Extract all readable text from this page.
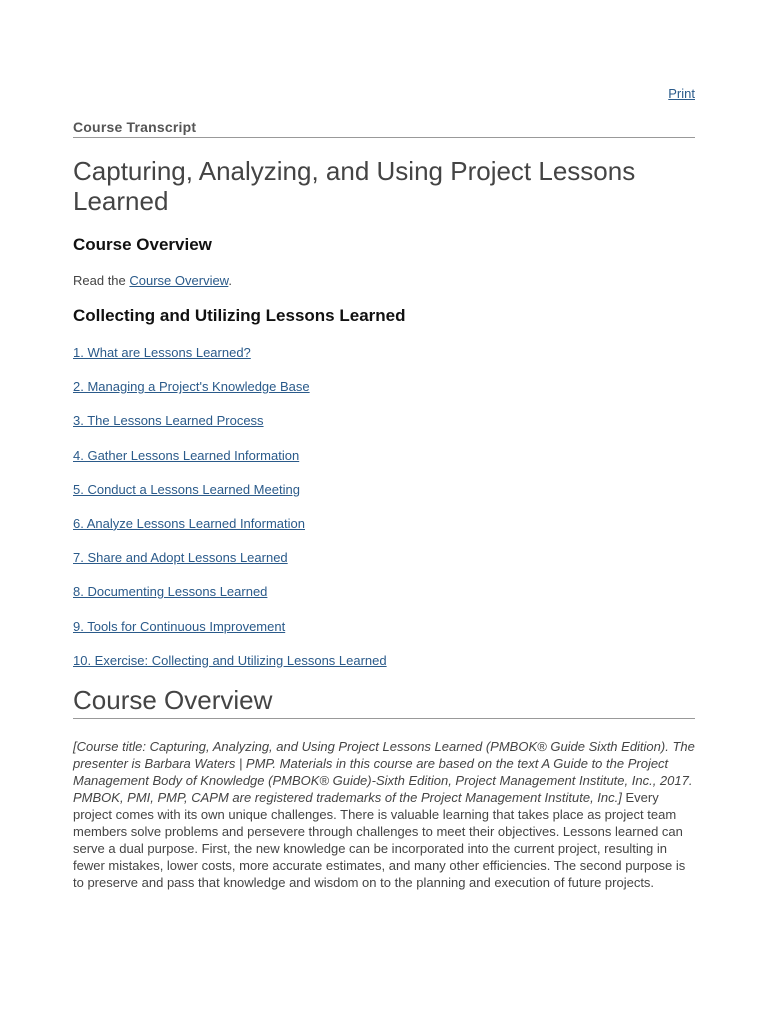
Print
Course Transcript
Capturing, Analyzing, and Using Project Lessons Learned
Course Overview
Read the Course Overview.
Collecting and Utilizing Lessons Learned
1. What are Lessons Learned?
2. Managing a Project's Knowledge Base
3. The Lessons Learned Process
4. Gather Lessons Learned Information
5. Conduct a Lessons Learned Meeting
6. Analyze Lessons Learned Information
7. Share and Adopt Lessons Learned
8. Documenting Lessons Learned
9. Tools for Continuous Improvement
10. Exercise: Collecting and Utilizing Lessons Learned
Course Overview

[Course title: Capturing, Analyzing, and Using Project Lessons Learned (PMBOK® Guide Sixth Edition). The presenter is Barbara Waters | PMP. Materials in this course are based on the text A Guide to the Project Management Body of Knowledge (PMBOK® Guide)-Sixth Edition, Project Management Institute, Inc., 2017. PMBOK, PMI, PMP, CAPM are registered trademarks of the Project Management Institute, Inc.] Every project comes with its own unique challenges. There is valuable learning that takes place as project team members solve problems and persevere through challenges to meet their objectives. Lessons learned can serve a dual purpose. First, the new knowledge can be incorporated into the current project, resulting in fewer mistakes, lower costs, more accurate estimates, and many other efficiencies. The second purpose is to preserve and pass that knowledge and wisdom on to the planning and execution of future projects.
